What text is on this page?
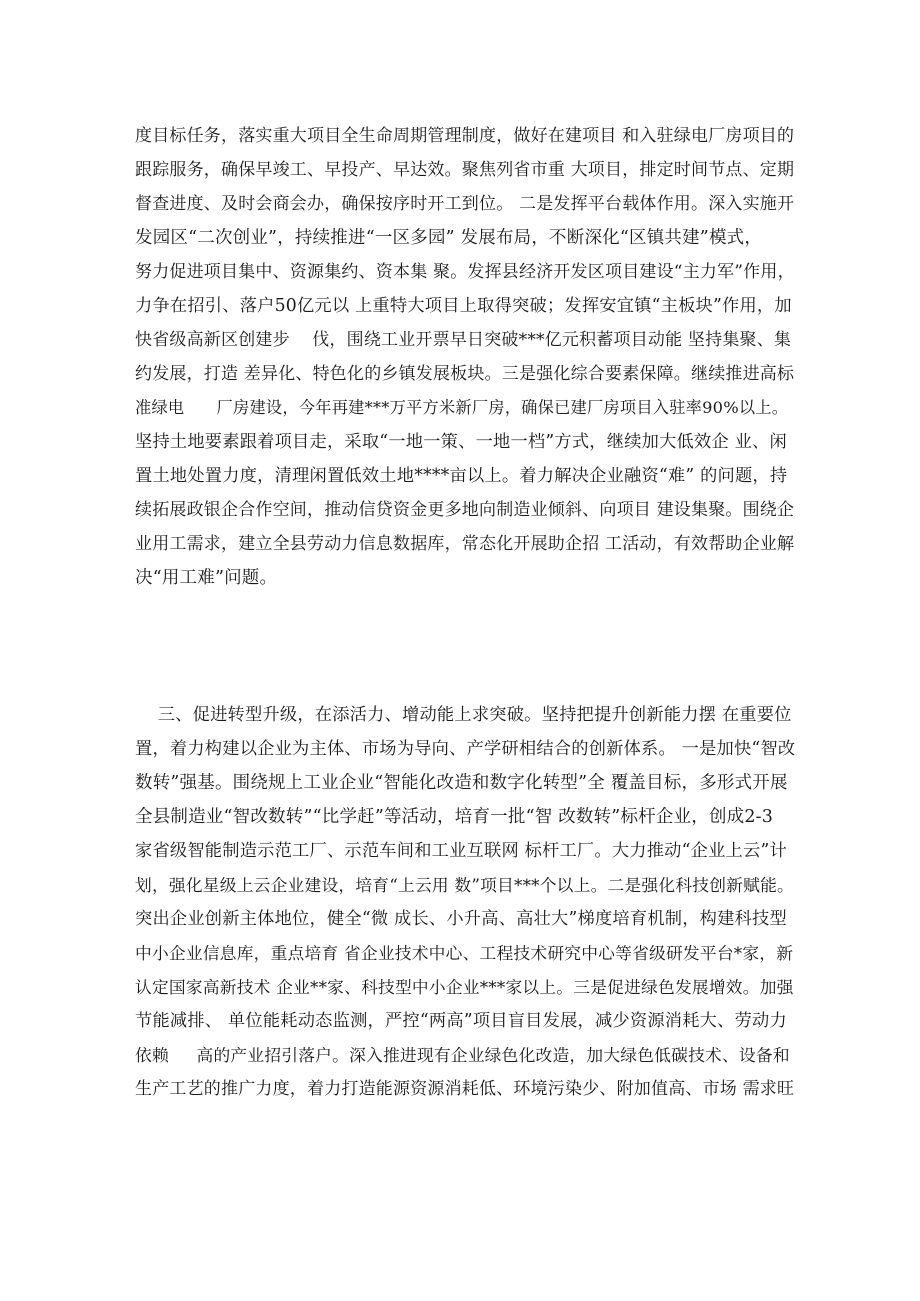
度目标任务，落实重大项目全生命周期管理制度，做好在建项目 和入驻绿电厂房项目的
跟踪服务，确保早竣工、早投产、早达效。聚焦列省市重 大项目，排定时间节点、定期
督查进度、及时会商会办，确保按序时开工到位。 二是发挥平台载体作用。深入实施开
发园区“二次创业”，持续推进“一区多园” 发展布局，不断深化“区镇共建”模式，
努力促进项目集中、资源集约、资本集 聚。发挥县经济开发区项目建设“主力军”作用，
力争在招引、落户50亿元以 上重特大项目上取得突破；发挥安宜镇“主板块”作用，加
快省级高新区创建步    伐，围绕工业开票早日突破***亿元积蓄项目动能 坚持集聚、集
约发展，打造 差异化、特色化的乡镇发展板块。三是强化综合要素保障。继续推进高标
准绿电      厂房建设，今年再建***万平方米新厂房，确保已建厂房项目入驻率90%以上。
坚持土地要素跟着项目走，采取“一地一策、一地一档”方式，继续加大低效企 业、闲
置土地处置力度，清理闲置低效土地****亩以上。着力解决企业融资“难” 的问题，持
续拓展政银企合作空间，推动信贷资金更多地向制造业倾斜、向项目 建设集聚。围绕企
业用工需求，建立全县劳动力信息数据库，常态化开展助企招 工活动，有效帮助企业解
决“用工难”问题。
三、促进转型升级，在添活力、增动能上求突破。坚持把提升创新能力摆 在重要位
置，着力构建以企业为主体、市场为导向、产学研相结合的创新体系。 一是加快“智改
数转”强基。围绕规上工业企业“智能化改造和数字化转型”全 覆盖目标，多形式开展
全县制造业“智改数转”“比学赶”等活动，培育一批“智 改数转”标杆企业，创成2-3
家省级智能制造示范工厂、示范车间和工业互联网 标杆工厂。大力推动“企业上云”计
划，强化星级上云企业建设，培育“上云用 数”项目***个以上。二是强化科技创新赋能。
突出企业创新主体地位，健全“微 成长、小升高、高壮大”梯度培育机制，构建科技型
中小企业信息库，重点培育 省企业技术中心、工程技术研究中心等省级研发平台*家，新
认定国家高新技术 企业**家、科技型中小企业***家以上。三是促进绿色发展增效。加强
节能减排、 单位能耗动态监测，严控“两高”项目盲目发展，减少资源消耗大、劳动力
依赖     高的产业招引落户。深入推进现有企业绿色化改造，加大绿色低碳技术、设备和
生产工艺的推广力度，着力打造能源资源消耗低、环境污染少、附加值高、市场 需求旺
